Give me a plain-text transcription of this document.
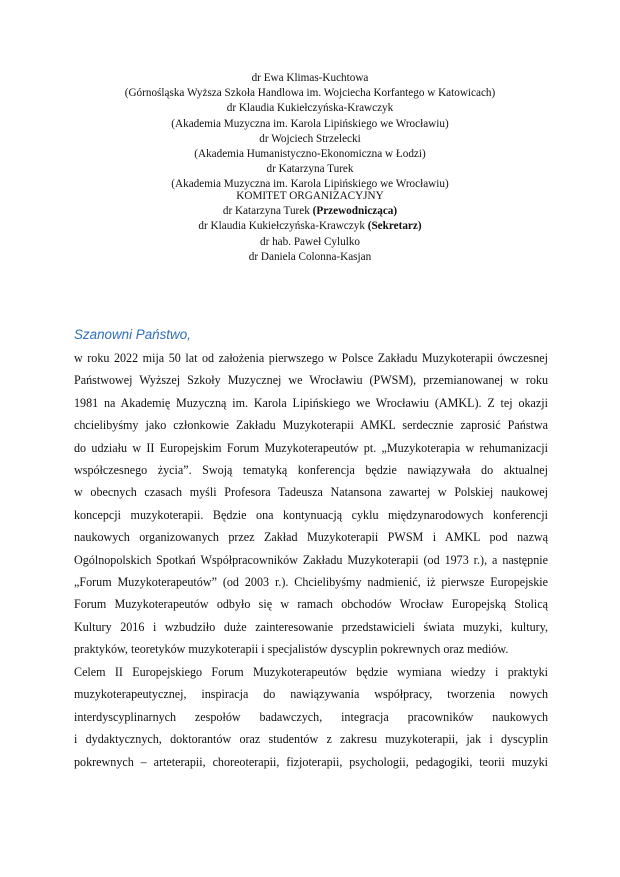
dr Ewa Klimas-Kuchtowa
(Górnośląska Wyższa Szkoła Handlowa im. Wojciecha Korfantego w Katowicach)
dr Klaudia Kukiełczyńska-Krawczyk
(Akademia Muzyczna im. Karola Lipińskiego we Wrocławiu)
dr Wojciech Strzelecki
(Akademia Humanistyczno-Ekonomiczna w Łodzi)
dr Katarzyna Turek
(Akademia Muzyczna im. Karola Lipińskiego we Wrocławiu)
KOMITET ORGANIZACYJNY
dr Katarzyna Turek (Przewodnicząca)
dr Klaudia Kukiełczyńska-Krawczyk (Sekretarz)
dr hab. Paweł Cylulko
dr Daniela Colonna-Kasjan
Szanowni Państwo,
w roku 2022 mija 50 lat od założenia pierwszego w Polsce Zakładu Muzykoterapii ówczesnej
Państwowej Wyższej Szkoły Muzycznej we Wrocławiu (PWSM), przemianowanej w roku
1981 na Akademię Muzyczną im. Karola Lipińskiego we Wrocławiu (AMKL). Z tej okazji
chcielibyśmy jako członkowie Zakładu Muzykoterapii AMKL serdecznie zaprosić Państwa
do udziału w II Europejskim Forum Muzykoterapeutów pt. „Muzykoterapia w rehumanizacji
współczesnego życia”. Swoją tematyką konferencja będzie nawiązywała do aktualnej
w obecnych czasach myśli Profesora Tadeusza Natansona zawartej w Polskiej naukowej
koncepcji muzykoterapii. Będzie ona kontynuacją cyklu międzynarodowych konferencji
naukowych organizowanych przez Zakład Muzykoterapii PWSM i AMKL pod nazwą
Ogólnopolskich Spotkań Współpracowników Zakładu Muzykoterapii (od 1973 r.), a następnie
„Forum Muzykoterapeutów” (od 2003 r.). Chcielibyśmy nadmienić, iż pierwsze Europejskie
Forum Muzykoterapeutów odbyło się w ramach obchodów Wrocław Europejską Stolicą
Kultury 2016 i wzbudziło duże zainteresowanie przedstawicieli świata muzyki, kultury,
praktyków, teoretyków muzykoterapii i specjalistów dyscyplin pokrewnych oraz mediów.
Celem II Europejskiego Forum Muzykoterapeutów będzie wymiana wiedzy i praktyki
muzykoterapeutycznej, inspiracja do nawiązywania współpracy, tworzenia nowych
interdyscyplinarnych zespołów badawczych, integracja pracowników naukowych
i dydaktycznych, doktorantów oraz studentów z zakresu muzykoterapii, jak i dyscyplin
pokrewnych – arteterapii, choreoterapii, fizjoterapii, psychologii, pedagogiki, teorii muzyki
